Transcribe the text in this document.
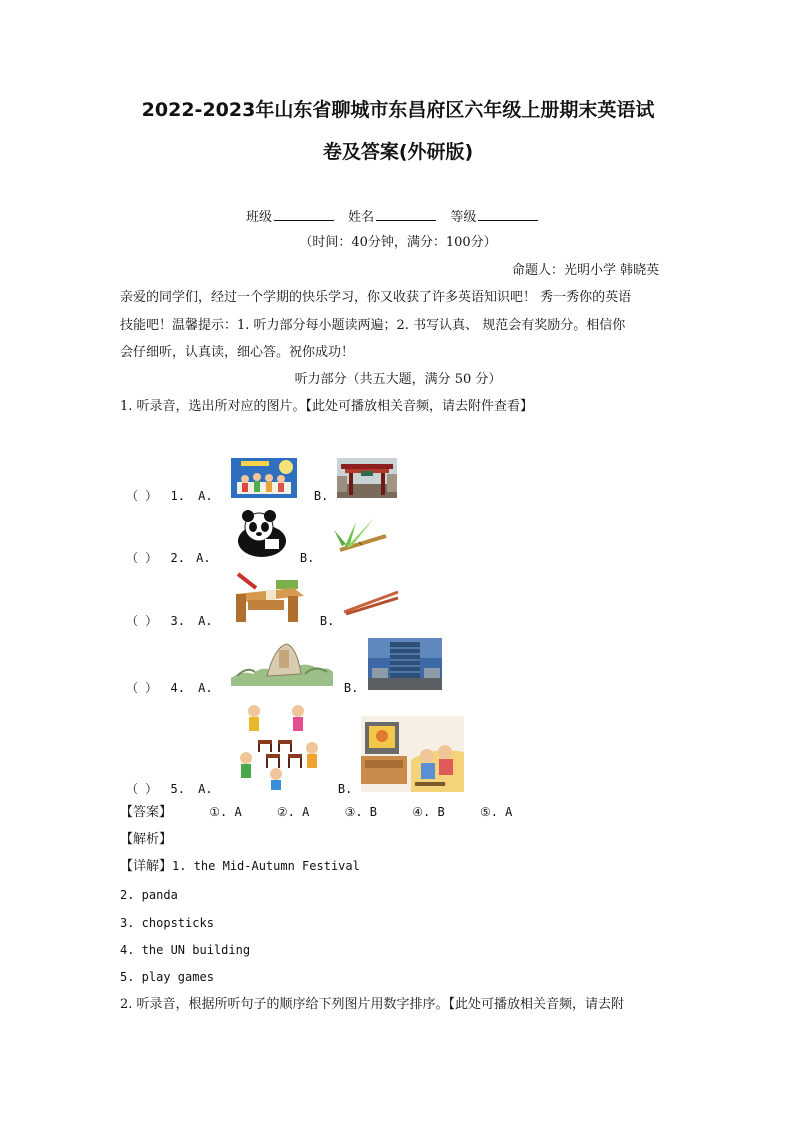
2022-2023年山东省聊城市东昌府区六年级上册期末英语试
卷及答案(外研版)
班级	姓名	等级
（时间：40分钟，满分：100分）
命题人：光明小学 韩晓英
亲爱的同学们，经过一个学期的快乐学习，你又收获了许多英语知识吧！ 秀一秀你的英语
技能吧！温馨提示：1. 听力部分每小题读两遍；2. 书写认真、 规范会有奖励分。相信你
会仔细听，认真读，细心答。祝你成功！
听力部分（共五大题，满分 50 分）
1. 听录音，选出所对应的图片。【此处可播放相关音频，请去附件查看】
（ ） 1. A.	B.
（ ） 2. A.	B.
（ ） 3. A.	B.
（ ） 4. A.	B.
（ ） 5. A.	B.
【答案】	①. A	②. A	③. B	④. B	⑤. A
【解析】
【详解】1. the Mid-Autumn Festival
2. panda
3. chopsticks
4. the UN building
5. play games
2. 听录音，根据所听句子的顺序给下列图片用数字排序。【此处可播放相关音频，请去附
